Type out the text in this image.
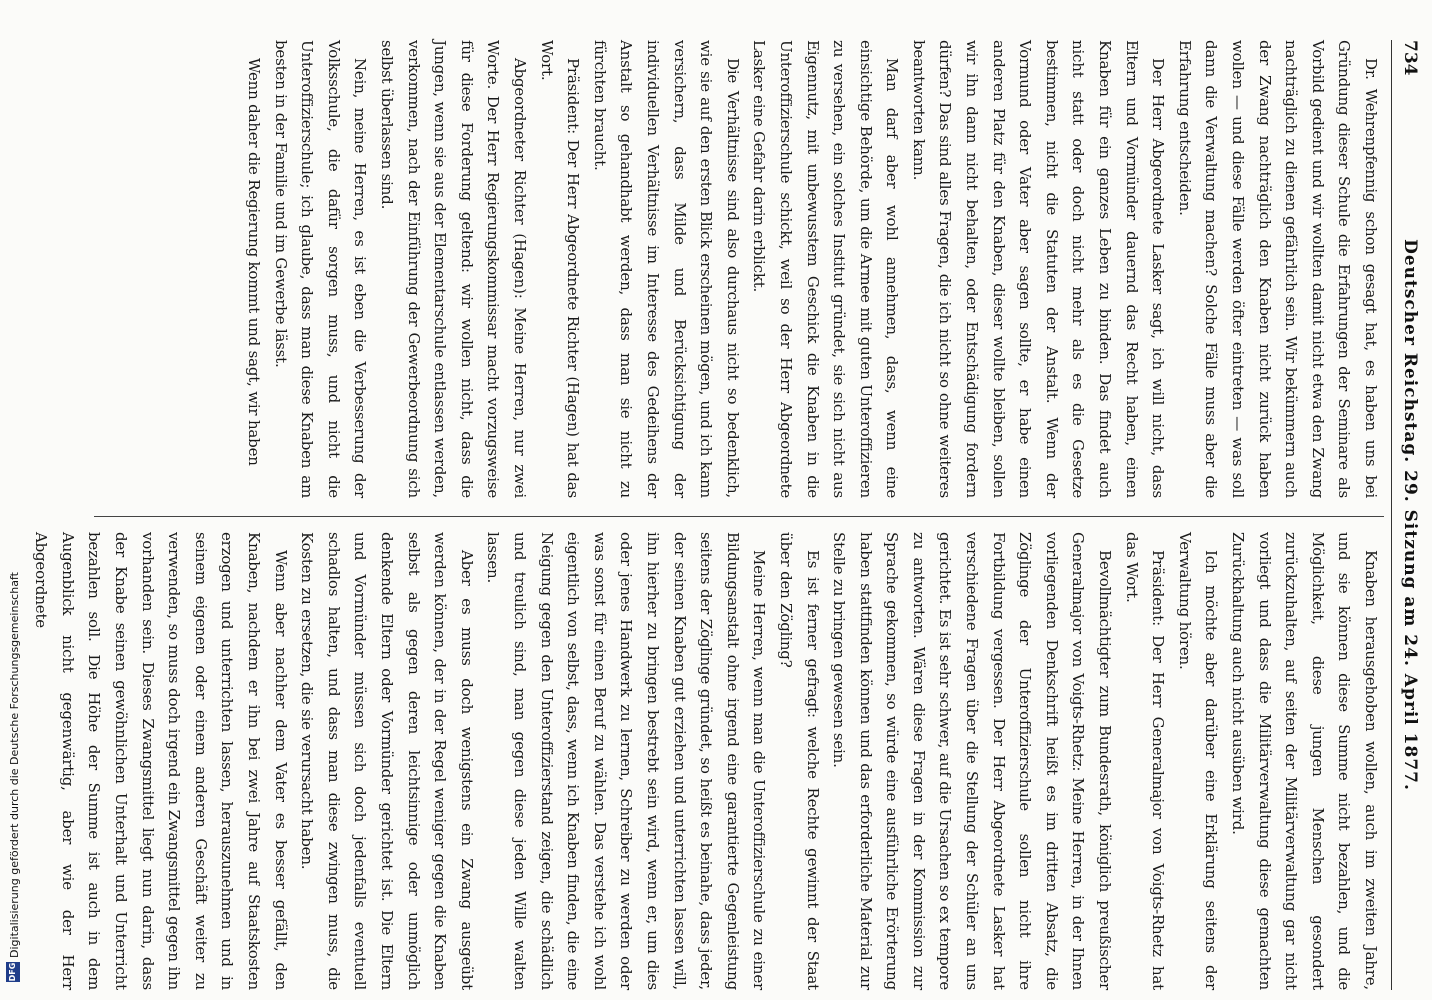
734
Deutscher Reichstag. 29. Sitzung am 24. April 1877.

Dr. Wehrenpfennig schon gesagt hat, es haben uns bei Gründung dieser Schule die Erfahrungen der Seminare als Vorbild gedient und wir wollten damit nicht etwa den Zwang nachträglich zu dienen gefährlich sein. Wir bekümmern auch der Zwang nachträglich den Knaben nicht zurück haben wollen — und diese Fälle werden öfter eintreten — was soll dann die Verwaltung machen? Solche Fälle muss aber die Erfahrung entscheiden.

Der Herr Abgeordnete Lasker sagt, ich will nicht, dass Eltern und Vormünder dauernd das Recht haben, einen Knaben für ein ganzes Leben zu binden. Das findet auch nicht statt oder doch nicht mehr als es die Gesetze bestimmen, nicht die Statuten der Anstalt. Wenn der Vormund oder Vater aber sagen sollte, er habe einen anderen Platz für den Knaben, dieser wollte bleiben, sollen wir ihn dann nicht behalten, oder Entschädigung fordern dürfen? Das sind alles Fragen, die ich nicht so ohne weiteres beantworten kann.

Man darf aber wohl annehmen, dass, wenn eine einsichtige Behörde, um die Armee mit guten Unteroffizieren zu versehen, ein solches Institut gründet, sie sich nicht aus Eigennutz, mit unbewusstem Geschick die Knaben in die Unteroffizierschule schickt, weil so der Herr Abgeordnete Lasker eine Gefahr darin erblickt.

Die Verhältnisse sind also durchaus nicht so bedenklich, wie sie auf den ersten Blick erscheinen mögen, und ich kann versichern, dass Milde und Berücksichtigung der individuellen Verhältnisse im Interesse des Gedeihens der Anstalt so gehandhabt werden, dass man sie nicht zu fürchten braucht.

Präsident: Der Herr Abgeordnete Richter (Hagen) hat das Wort.

Abgeordneter Richter (Hagen): Meine Herren, nur zwei Worte. Der Herr Regierungskommissar macht vorzugsweise für diese Forderung geltend: wir wollen nicht, dass die Jungen, wenn sie aus der Elementarschule entlassen werden, verkommen, nach der Einführung der Gewerbeordnung sich selbst überlassen sind.

Nein, meine Herren, es ist eben die Verbesserung der Volksschule, die dafür sorgen muss, und nicht die Unteroffizierschule; ich glaube, dass man diese Knaben am besten in der Familie und im Gewerbe lässt.

Wenn daher die Regierung kommt und sagt, wir haben

Knaben herausgehoben wollen, auch im zweiten Jahre, und sie können diese Summe nicht bezahlen, und die Möglichkeit, diese jungen Menschen gesondert zurückzuhalten, auf seiten der Militärverwaltung gar nicht vorliegt und dass die Militärverwaltung diese gemachten Zurückhaltung auch nicht ausüben wird.

Ich möchte aber darüber eine Erklärung seitens der Verwaltung hören.

Präsident: Der Herr Generalmajor von Voigts-Rhetz hat das Wort.

Bevollmächtigter zum Bundesrath, königlich preußischer Generalmajor von Voigts-Rhetz: Meine Herren, in der Ihnen vorliegenden Denkschrift heißt es im dritten Absatz, die Zöglinge der Unteroffizierschule sollen nicht ihre Fortbildung vergessen. Der Herr Abgeordnete Lasker hat verschiedene Fragen über die Stellung der Schüler an uns gerichtet. Es ist sehr schwer, auf die Ursachen so ex tempore zu antworten. Wären diese Fragen in der Kommission zur Sprache gekommen, so würde eine ausführliche Erörterung haben stattfinden können und das erforderliche Material zur Stelle zu bringen gewesen sein.

Es ist ferner gefragt: welche Rechte gewinnt der Staat über den Zögling?

Meine Herren, wenn man die Unteroffizierschule zu einer Bildungsanstalt ohne irgend eine garantierte Gegenleistung seitens der Zöglinge gründet, so heißt es beinahe, dass jeder, der seinen Knaben gut erziehen und unterrichten lassen will, ihn hierher zu bringen bestrebt sein wird, wenn er, um dies oder jenes Handwerk zu lernen, Schreiber zu werden oder was sonst für einen Beruf zu wählen. Das verstehe ich wohl eigentlich von selbst, dass, wenn ich Knaben finden, die eine Neigung gegen den Unteroffizierstand zeigen, die schädlich und treulich sind, man gegen diese jeden Wille walten lassen.

Aber es muss doch wenigstens ein Zwang ausgeübt werden können, der in der Regel weniger gegen die Knaben selbst als gegen deren leichtsinnige oder unmöglich denkende Eltern oder Vormünder gerichtet ist. Die Eltern und Vormünder müssen sich doch jedenfalls eventuell schadlos halten, und dass man diese zwingen muss, die Kosten zu ersetzen, die sie verursacht haben.

Wenn aber nachher dem Vater es besser gefällt, den Knaben, nachdem er ihn bei zwei Jahre auf Staatskosten erzogen und unterrichten lassen, herauszunehmen und in seinem eigenen oder einem anderen Geschäft weiter zu verwenden, so muss doch irgend ein Zwangsmittel gegen ihn vorhanden sein. Dieses Zwangsmittel liegt nun darin, dass der Knabe seinen gewöhnlichen Unterhalt und Unterricht bezahlen soll. Die Höhe der Summe ist auch in dem Augenblick nicht gegenwärtig, aber wie der Herr Abgeordnete

DFG
Digitalisierung gefördert durch die Deutsche Forschungsgemeinschaft
